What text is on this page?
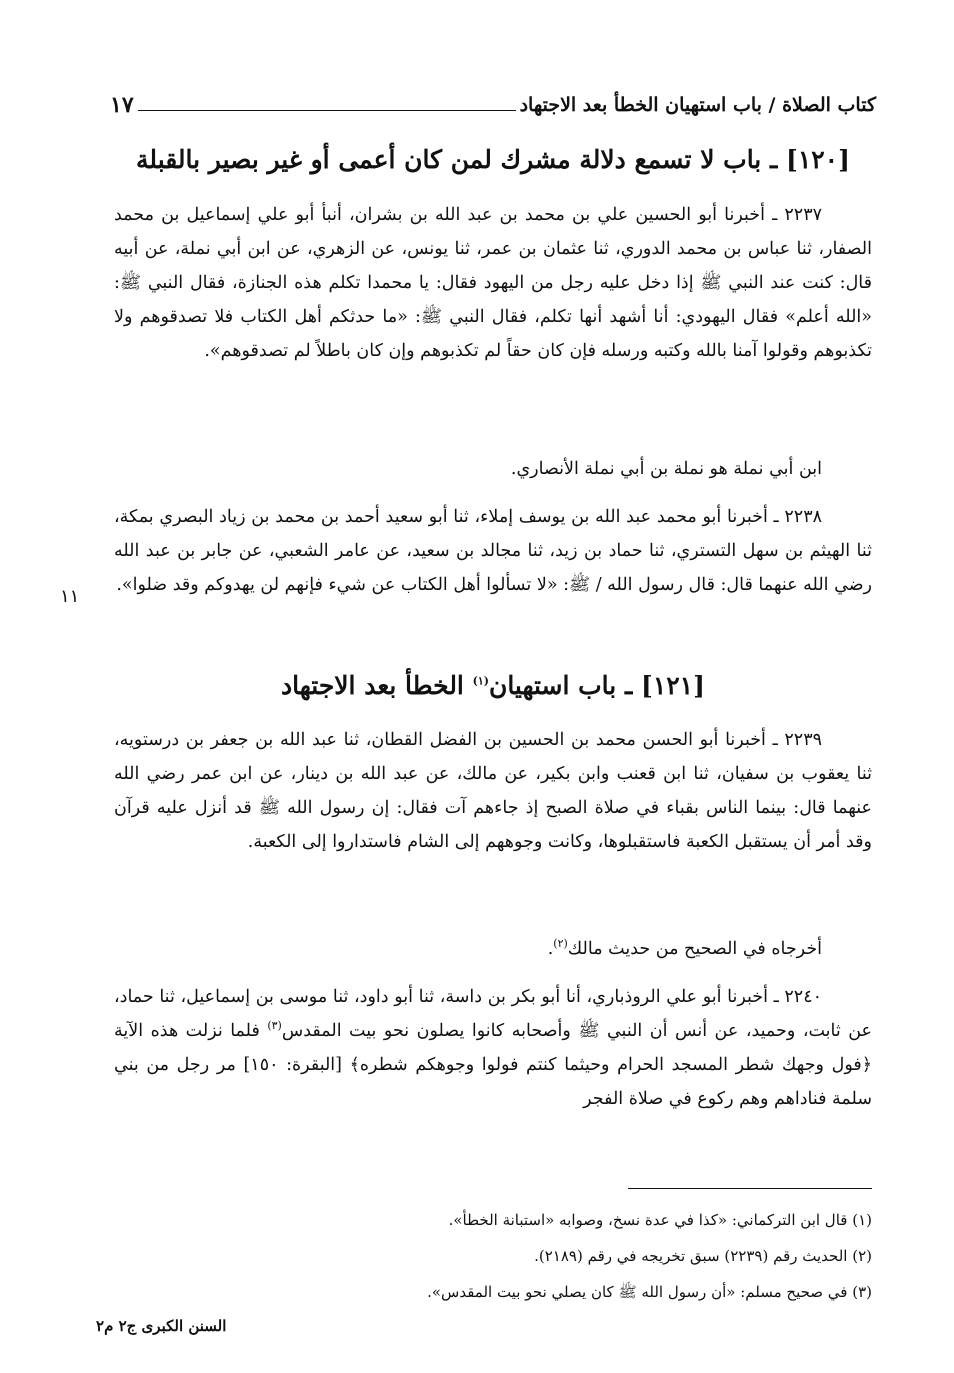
كتاب الصلاة / باب استهيان الخطأ بعد الاجتهاد
١٧
[١٢٠] ـ باب لا تسمع دلالة مشرك لمن كان أعمى أو غير بصير بالقبلة

٢٢٣٧ ـ أخبرنا أبو الحسين علي بن محمد بن عبد الله بن بشران، أنبأ أبو علي إسماعيل بن محمد الصفار، ثنا عباس بن محمد الدوري، ثنا عثمان بن عمر، ثنا يونس، عن الزهري، عن ابن أبي نملة، عن أبيه قال: كنت عند النبي ﷺ إذا دخل عليه رجل من اليهود فقال: يا محمدا تكلم هذه الجنازة، فقال النبي ﷺ: «الله أعلم» فقال اليهودي: أنا أشهد أنها تكلم، فقال النبي ﷺ: «ما حدثكم أهل الكتاب فلا تصدقوهم ولا تكذبوهم وقولوا آمنا بالله وكتبه ورسله فإن كان حقاً لم تكذبوهم وإن كان باطلاً لم تصدقوهم».

ابن أبي نملة هو نملة بن أبي نملة الأنصاري.

٢٢٣٨ ـ أخبرنا أبو محمد عبد الله بن يوسف إملاء، ثنا أبو سعيد أحمد بن محمد بن زياد البصري بمكة، ثنا الهيثم بن سهل التستري، ثنا حماد بن زيد، ثنا مجالد بن سعيد، عن عامر الشعبي، عن جابر بن عبد الله رضي الله عنهما قال: قال رسول الله / ﷺ: «لا تسألوا أهل الكتاب عن شيء فإنهم لن يهدوكم وقد ضلوا».

١١
[١٢١] ـ باب استهيان$^{(١)}$ الخطأ بعد الاجتهاد

٢٢٣٩ ـ أخبرنا أبو الحسن محمد بن الحسين بن الفضل القطان، ثنا عبد الله بن جعفر بن درستويه، ثنا يعقوب بن سفيان، ثنا ابن قعنب وابن بكير، عن مالك، عن عبد الله بن دينار، عن ابن عمر رضي الله عنهما قال: بينما الناس بقباء في صلاة الصبح إذ جاءهم آت فقال: إن رسول الله ﷺ قد أنزل عليه قرآن وقد أمر أن يستقبل الكعبة فاستقبلوها، وكانت وجوههم إلى الشام فاستداروا إلى الكعبة.

أخرجاه في الصحيح من حديث مالك$^{(٢)}$.

٢٢٤٠ ـ أخبرنا أبو علي الروذباري، أنا أبو بكر بن داسة، ثنا أبو داود، ثنا موسى بن إسماعيل، ثنا حماد، عن ثابت، وحميد، عن أنس أن النبي ﷺ وأصحابه كانوا يصلون نحو بيت المقدس$^{(٣)}$ فلما نزلت هذه الآية ﴿فول وجهك شطر المسجد الحرام وحيثما كنتم فولوا وجوهكم شطره﴾ [البقرة: ١٥٠] مر رجل من بني سلمة فناداهم وهم ركوع في صلاة الفجر

(١) قال ابن التركماني: «كذا في عدة نسخ، وصوابه «استبانة الخطأ».
(٢) الحديث رقم (٢٢٣٩) سبق تخريجه في رقم (٢١٨٩).
(٣) في صحيح مسلم: «أن رسول الله ﷺ كان يصلي نحو بيت المقدس».
السنن الكبرى ج٢ م٢
